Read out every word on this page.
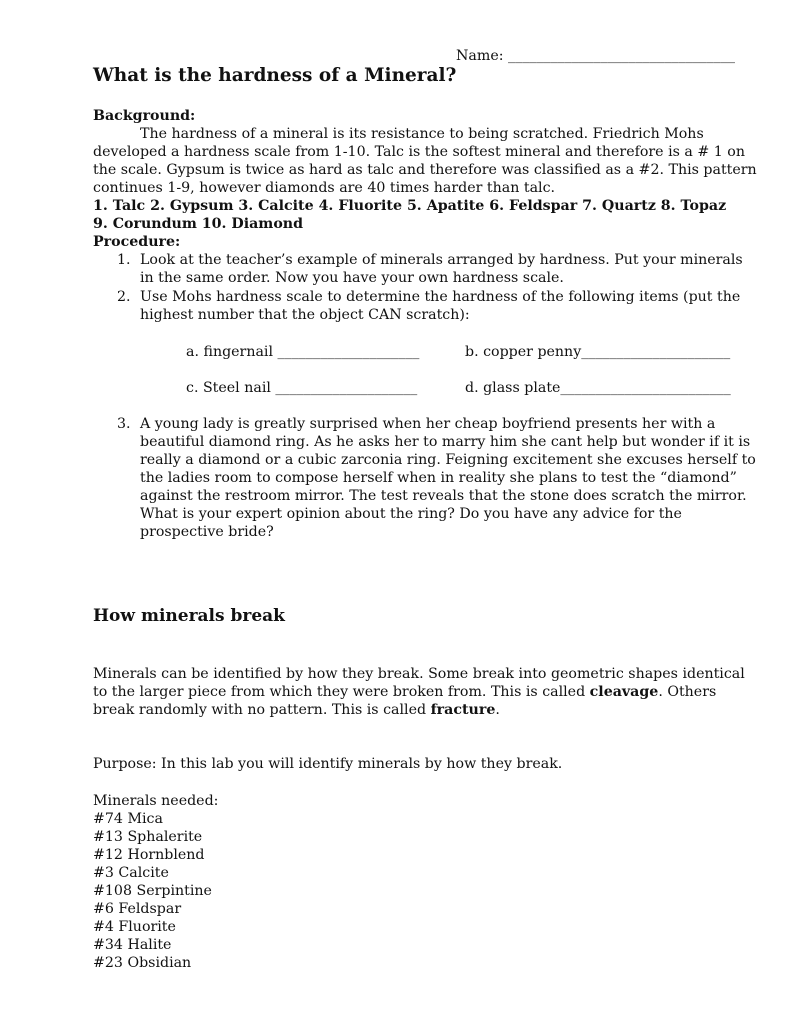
Name: ________________________________
What is the hardness of a Mineral?
Background:
The hardness of a mineral is its resistance to being scratched. Friedrich Mohs
developed a hardness scale from 1-10. Talc is the softest mineral and therefore is a # 1 on
the scale. Gypsum is twice as hard as talc and therefore was classified as a #2. This pattern
continues 1-9, however diamonds are 40 times harder than talc.
1. Talc 2. Gypsum 3. Calcite 4. Fluorite 5. Apatite 6. Feldspar 7. Quartz 8. Topaz
9. Corundum 10. Diamond
Procedure:
1. Look at the teacher’s example of minerals arranged by hardness. Put your minerals
in the same order. Now you have your own hardness scale.
2. Use Mohs hardness scale to determine the hardness of the following items (put the
highest number that the object CAN scratch):
a. fingernail ____________________	b. copper penny_____________________
c. Steel nail ____________________	d. glass plate________________________
3. A young lady is greatly surprised when her cheap boyfriend presents her with a
beautiful diamond ring. As he asks her to marry him she cant help but wonder if it is
really a diamond or a cubic zarconia ring. Feigning excitement she excuses herself to
the ladies room to compose herself when in reality she plans to test the “diamond”
against the restroom mirror. The test reveals that the stone does scratch the mirror.
What is your expert opinion about the ring? Do you have any advice for the
prospective bride?
How minerals break
Minerals can be identified by how they break. Some break into geometric shapes identical
to the larger piece from which they were broken from. This is called cleavage. Others
break randomly with no pattern. This is called fracture.
Purpose: In this lab you will identify minerals by how they break.
Minerals needed:
#74 Mica
#13 Sphalerite
#12 Hornblend
#3 Calcite
#108 Serpintine
#6 Feldspar
#4 Fluorite
#34 Halite
#23 Obsidian
